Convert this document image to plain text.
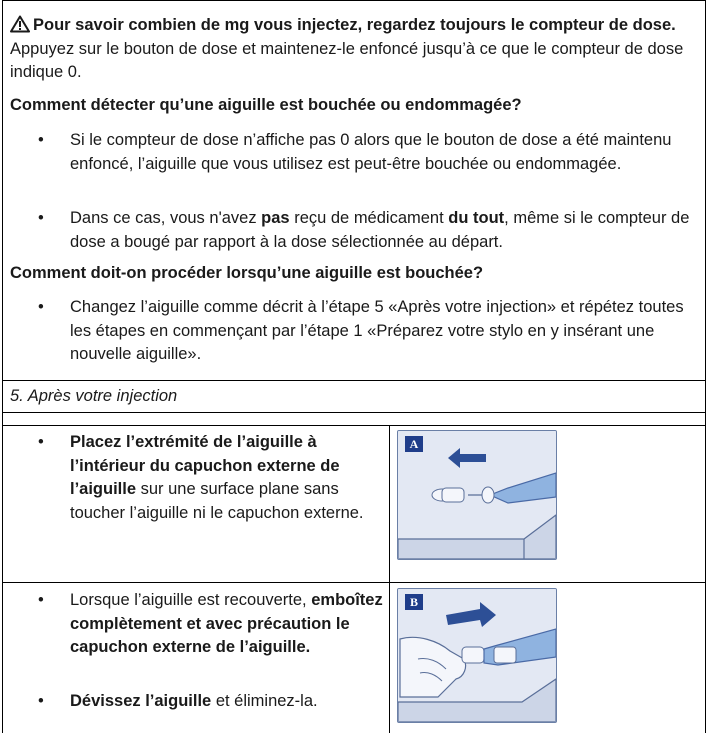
Pour savoir combien de mg vous injectez, regardez toujours le compteur de dose. Appuyez sur le bouton de dose et maintenez-le enfoncé jusqu’à ce que le compteur de dose indique 0.

Comment détecter qu’une aiguille est bouchée ou endommagée?

• Si le compteur de dose n’affiche pas 0 alors que le bouton de dose a été maintenu enfoncé, l’aiguille que vous utilisez est peut-être bouchée ou endommagée.

• Dans ce cas, vous n'avez pas reçu de médicament du tout, même si le compteur de dose a bougé par rapport à la dose sélectionnée au départ.

Comment doit-on procéder lorsqu’une aiguille est bouchée?

• Changez l’aiguille comme décrit à l’étape 5 «Après votre injection» et répétez toutes les étapes en commençant par l’étape 1 «Préparez votre stylo en y insérant une nouvelle aiguille».

5. Après votre injection

• Placez l’extrémité de l’aiguille à l’intérieur du capuchon externe de l’aiguille sur une surface plane sans toucher l’aiguille ni le capuchon externe.

A
• Lorsque l’aiguille est recouverte, emboîtez complètement et avec précaution le capuchon externe de l’aiguille.

• Dévissez l’aiguille et éliminez-la.

B
